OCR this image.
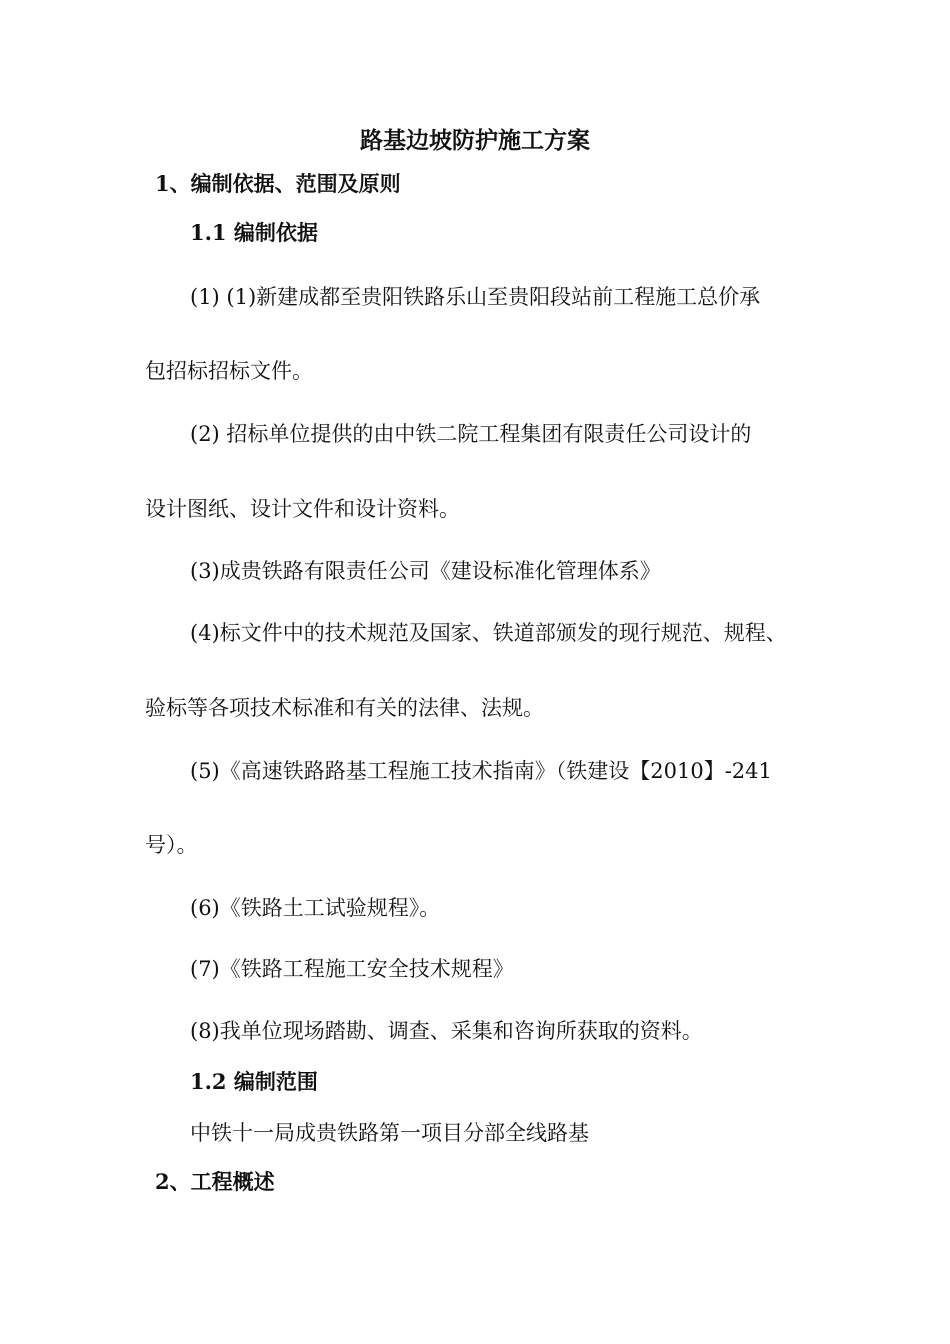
路基边坡防护施工方案
1、编制依据、范围及原则
1.1 编制依据
(1) (1)新建成都至贵阳铁路乐山至贵阳段站前工程施工总价承
包招标招标文件。
(2) 招标单位提供的由中铁二院工程集团有限责任公司设计的
设计图纸、设计文件和设计资料。
(3)成贵铁路有限责任公司《建设标准化管理体系》
(4)标文件中的技术规范及国家、铁道部颁发的现行规范、规程、
验标等各项技术标准和有关的法律、法规。
(5)《高速铁路路基工程施工技术指南》（铁建设【2010】-241
号）。
(6)《铁路土工试验规程》。
(7)《铁路工程施工安全技术规程》
(8)我单位现场踏勘、调查、采集和咨询所获取的资料。
1.2 编制范围
中铁十一局成贵铁路第一项目分部全线路基
2、工程概述
